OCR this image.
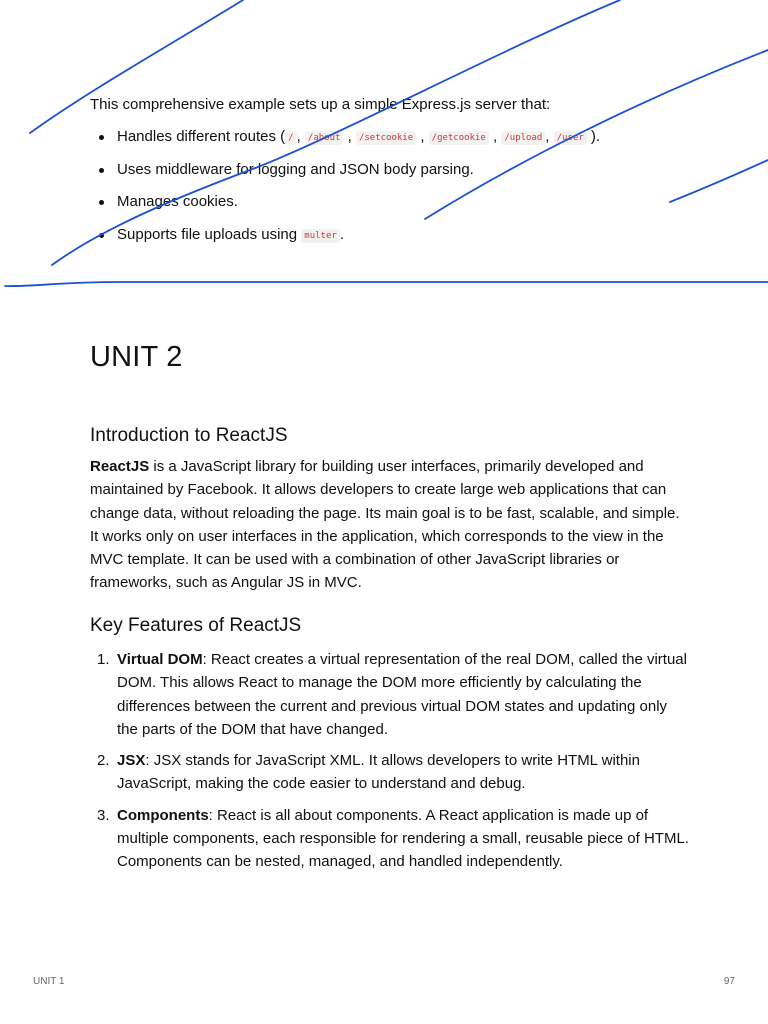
This comprehensive example sets up a simple Express.js server that:

Handles different routes ( / , /about , /setcookie , /getcookie , /upload , /user ).
Uses middleware for logging and JSON body parsing.
Manages cookies.
Supports file uploads using multer .
UNIT 2
Introduction to ReactJS

ReactJS is a JavaScript library for building user interfaces, primarily developed and maintained by Facebook. It allows developers to create large web applications that can change data, without reloading the page. Its main goal is to be fast, scalable, and simple. It works only on user interfaces in the application, which corresponds to the view in the MVC template. It can be used with a combination of other JavaScript libraries or frameworks, such as Angular JS in MVC.

Key Features of ReactJS
1. Virtual DOM: React creates a virtual representation of the real DOM, called the virtual DOM. This allows React to manage the DOM more efficiently by calculating the differences between the current and previous virtual DOM states and updating only the parts of the DOM that have changed.
2. JSX: JSX stands for JavaScript XML. It allows developers to write HTML within JavaScript, making the code easier to understand and debug.
3. Components: React is all about components. A React application is made up of multiple components, each responsible for rendering a small, reusable piece of HTML. Components can be nested, managed, and handled independently.
UNIT 1	97
